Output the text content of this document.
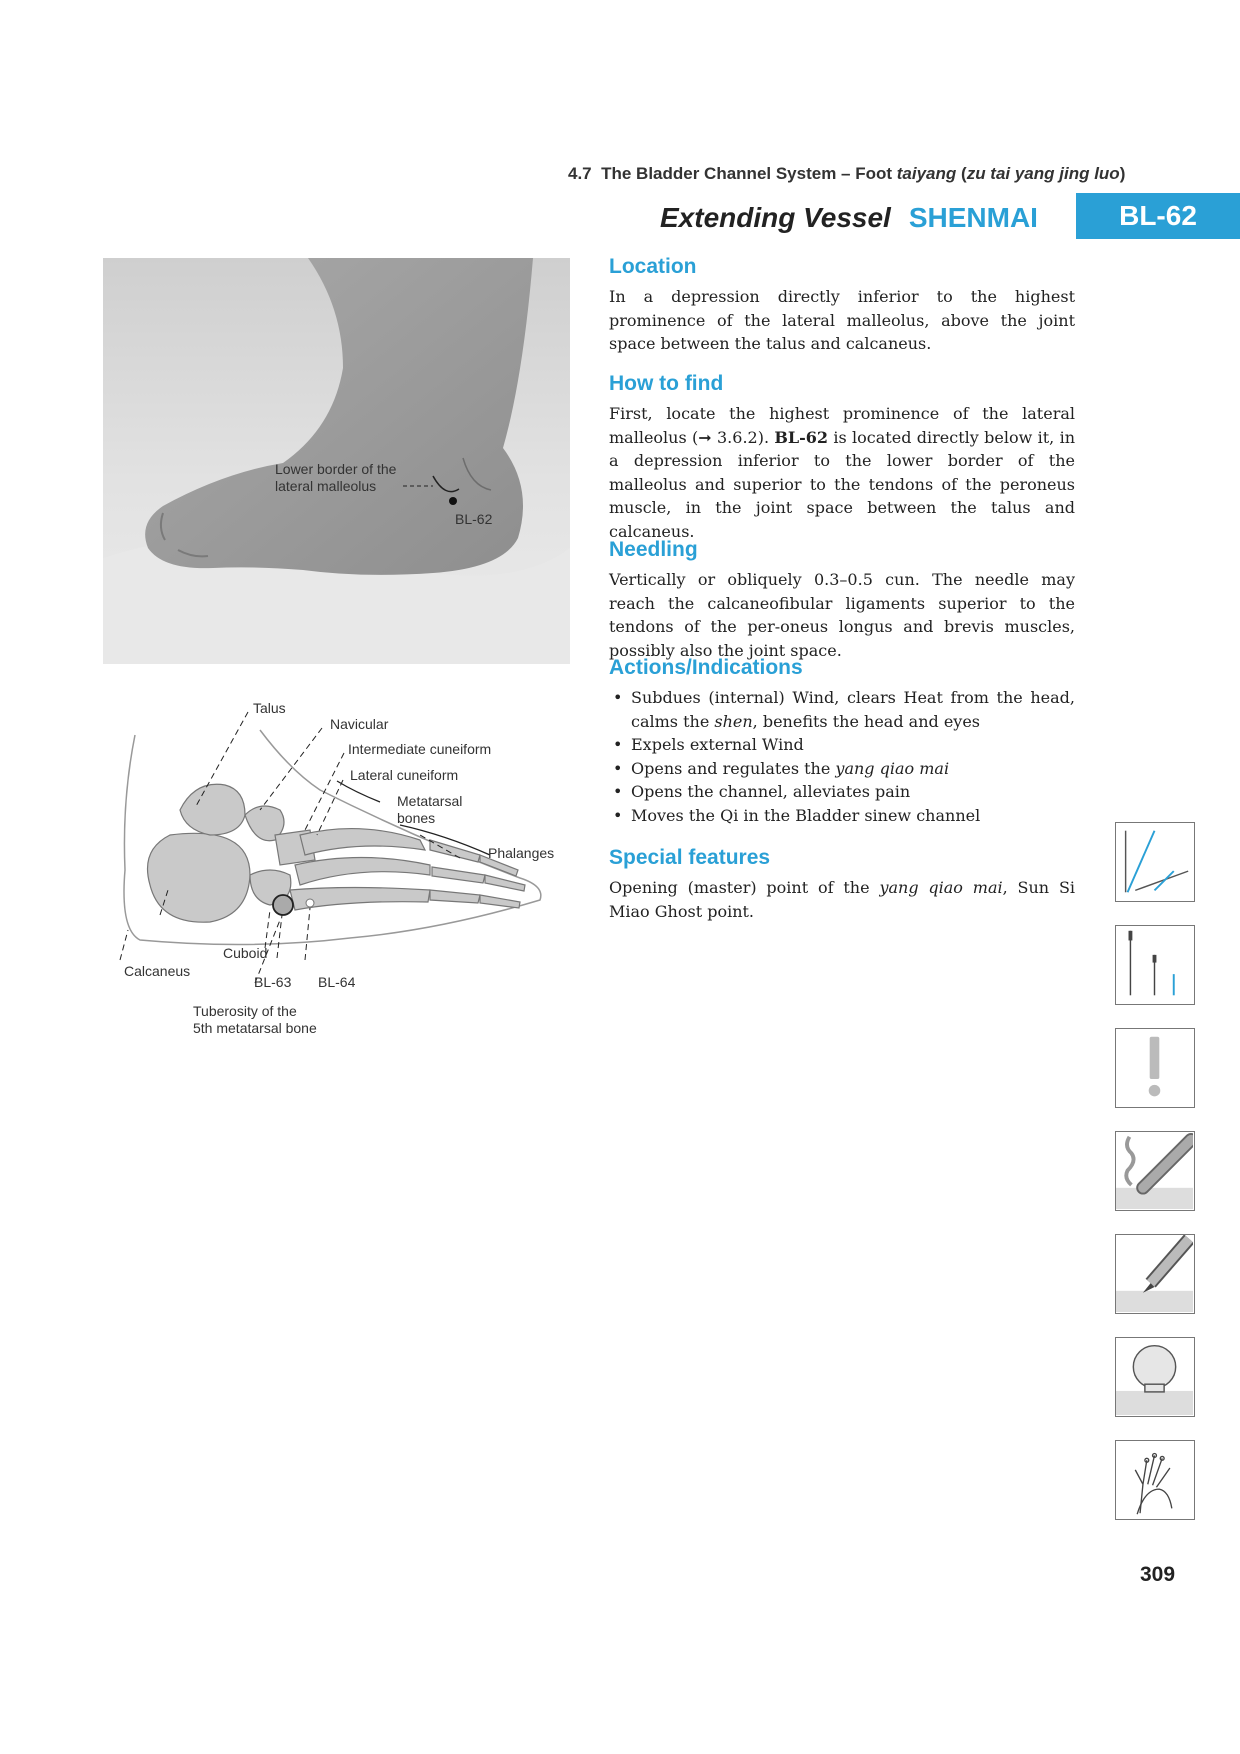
4.7 The Bladder Channel System – Foot taiyang (zu tai yang jing luo)
Extending Vessel SHENMAI	BL-62
Lower border of the
lateral malleolus
BL-62
Talus
Navicular
Intermediate cuneiform
Lateral cuneiform
Metatarsal
bones
Phalanges
Cuboid
Calcaneus
BL-63 BL-64
Tuberosity of the
5th metatarsal bone
Location

In a depression directly inferior to the highest prominence of the lateral malleolus, above the joint space between the talus and calcaneus.

How to find

First, locate the highest prominence of the lateral malleolus (➞ 3.6.2). BL-62 is located directly below it, in a depression inferior to the lower border of the malleolus and superior to the tendons of the peroneus muscle, in the joint space between the talus and calcaneus.

Needling

Vertically or obliquely 0.3–0.5 cun. The needle may reach the calcaneofibular ligaments superior to the tendons of the per-oneus longus and brevis muscles, possibly also the joint space.

Actions/Indications
• Subdues (internal) Wind, clears Heat from the head, calms the shen, benefits the head and eyes
• Expels external Wind
• Opens and regulates the yang qiao mai
• Opens the channel, alleviates pain
• Moves the Qi in the Bladder sinew channel
Special features

Opening (master) point of the yang qiao mai, Sun Si Miao Ghost point.

309
